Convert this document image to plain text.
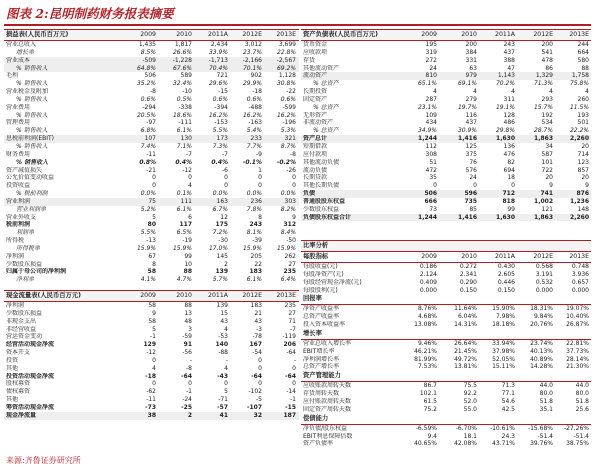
图表 2:昆明制药财务报表摘要
损益表(人民币百万元)	2009	2010	2011A	2012E	2013E
营业总收入	1,435	1,817	2,434	3,012	3,699
增长率	8.5%	26.6%	33.9%	23.7%	22.8%
营业成本	-509	-1,228	-1,713	-2,166	-2,567
% 销售收入	64.8%	67.6%	70.4%	70.1%	69.2%
毛利	506	589	721	902	1,128
% 销售收入	35.2%	32.4%	29.6%	29.9%	30.8%
营业税金及附加	-8	-10	-15	-18	-22
% 销售收入	0.6%	0.5%	0.6%	0.6%	0.6%
营业费用	-294	-338	-394	-488	-599
% 销售收入	20.5%	18.6%	16.2%	16.2%	16.2%
管理费用	-97	-111	-153	-163	-196
% 销售收入	6.8%	6.1%	5.5%	5.4%	5.3%
息税前利润(EBIT)	107	130	173	233	321
% 销售收入	7.4%	7.1%	7.3%	7.7%	8.7%
财务费用	-11	-7	-7	-9	-8
% 销售收入	0.8%	0.4%	0.4%	-0.1%	-0.2%
资产减值损失	-21	-12	-6	1	-26
公允价值变动收益	0	0	0	0	0
投资收益	0	4	0	0	0
% 税前利润	0.0%	0.1%	0.0%	0.0%	0.0%
营业利润	75	111	163	236	303
营业利润率	5.2%	6.1%	6.7%	7.8%	8.2%
营业外收支	5	6	12	8	9
税前利润	80	117	175	243	312
利润率	5.5%	6.5%	7.2%	8.1%	8.4%
所得税	-13	-19	-30	-39	-50
所得税率	15.9%	15.9%	17.0%	15.9%	15.9%
净利润	67	99	145	205	262
少数股东损益	8	10	2	22	27
归属于母公司的净利润	58	88	139	183	235
净利率	4.1%	4.7%	5.7%	6.1%	6.4%
现金流量表(人民币百万元)	2009	2010	2011A	2012E	2013E
净利润	58	88	139	183	235
少数股东损益	9	13	15	21	27
非现金支出	58	48	43	43	71
非经营收益	5	3	4	-3	-7
营运资金变动	-1	-59	-53	-78	-119
经营活动现金净流	129	91	140	167	206
资本开支	-12	-56	-88	-54	-64
投资	0	-	-	0	-
其他	4	-8	4	0	0
投资活动现金净流	-18	-64	-43	-64	-64
股权募资	0	0	0	0	0
债权募资	-62	-1	5	-102	-14
其他	-11	-24	-71	-5	-1
筹资活动现金净流	-73	-25	-57	-107	-15
现金净流量	38	2	41	32	187
资产负债表(人民币百万元)	2009	2010	2011A	2012E	2013E
货币资金	195	200	243	200	244
应收款项	319	384	437	541	664
存货	272	331	388	478	580
其他流动资产	24	63	47	86	88
流动资产	810	979	1,143	1,329	1,758
% 总资产	65.1%	69.1%	70.2%	71.3%	75.8%
长期投资	4	4	4	4	4
固定资产	287	279	311	293	260
% 总资产	23.1%	19.7%	19.1%	15.7%	11.5%
无形资产	109	116	128	192	193
非流动资产	434	437	486	534	501
% 总资产	34.9%	30.9%	29.8%	28.7%	22.2%
资产总计	1,244	1,416	1,630	1,863	2,260
短期借款	112	125	136	34	20
应付款项	308	375	476	587	714
其他流动负债	51	76	82	101	123
流动负债	472	576	694	722	857
长期贷款	35	24	18	20	20
其他长期负债	0	0	0	9	9
负债	506	596	712	741	876
普通股股东权益	666	735	818	1,002	1,236
少数股东权益	73	85	99	121	148
负债股东权益合计	1,244	1,416	1,630	1,863	2,260
比率分析
每股指标	2009	2010	2011A	2012E	2013E
每股收益(元)	0.186	0.272	0.430	0.568	0.748
每股净资产(元)	2.124	2.341	2.605	3.191	3.936
每股经营现金净流(元)	0.409	0.290	0.446	0.532	0.657
每股股利(元)	0.000	0.150	0.150	0.000	0.000
回报率
净资产收益率	8.76%	11.64%	15.90%	18.31%	19.07%
总资产收益率	4.68%	6.04%	7.98%	9.84%	10.40%
投入资本收益率	13.08%	14.31%	18.18%	20.76%	26.87%
增长率
营业总收入增长率	9.46%	26.64%	33.94%	23.74%	22.81%
EBIT增长率	46.21%	21.45%	37.98%	40.13%	37.73%
净利润增长率	81.99%	49.72%	52.05%	40.89%	28.14%
总资产增长率	7.53%	13.81%	15.11%	14.28%	21.30%
资产管理能力
应收账款周转天数	86.7	75.5	71.3	44.0	44.0
存货周转天数	102.1	92.2	77.1	80.0	80.0
应付账款周转天数	61.5	52.0	54.6	51.8	51.8
固定资产周转天数	75.2	55.0	42.5	35.1	25.6
偿债能力
净负债/股东权益	-6.59%	-6.70%	-10.61%	-15.68%	-27.26%
EBIT利息保障倍数	9.4	18.1	24.3	-51.4	-51.4
资产负债率	40.65%	42.08%	43.71%	39.76%	38.75%
来源:齐鲁证券研究所
